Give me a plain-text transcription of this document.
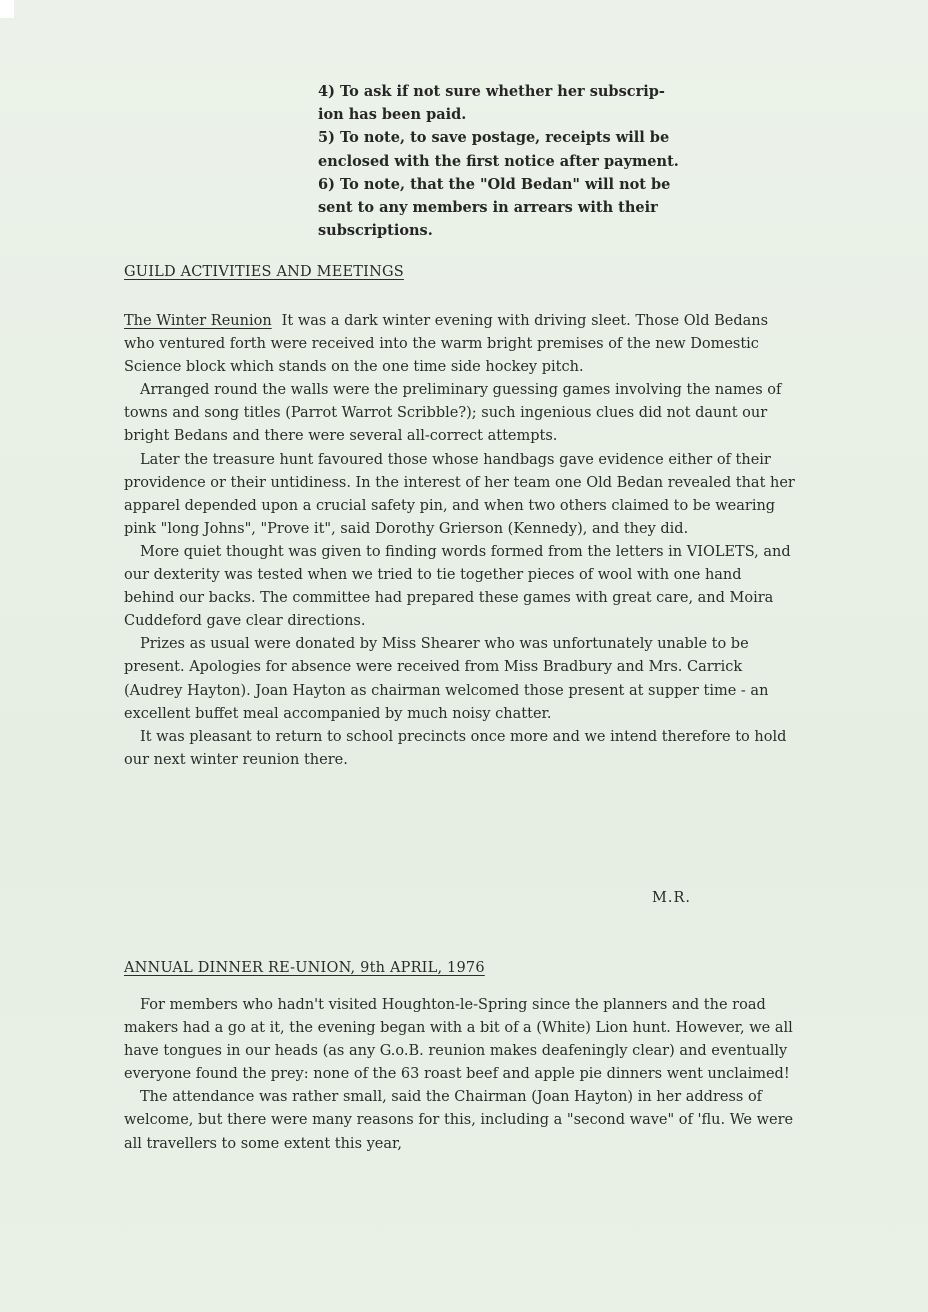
4) To ask if not sure whether her subscrip-

ion has been paid.

5) To note, to save postage, receipts will be

enclosed with the first notice after payment.

6) To note, that the "Old Bedan" will not be

sent to any members in arrears with their

subscriptions.

GUILD ACTIVITIES AND MEETINGS

The Winter Reunion It was a dark winter evening with driving sleet. Those Old Bedans who ventured forth were received into the warm bright premises of the new Domestic Science block which stands on the one time side hockey pitch.

Arranged round the walls were the preliminary guessing games involving the names of towns and song titles (Parrot Warrot Scribble?); such ingenious clues did not daunt our bright Bedans and there were several all-correct attempts.

Later the treasure hunt favoured those whose handbags gave evidence either of their providence or their untidiness. In the interest of her team one Old Bedan revealed that her apparel depended upon a crucial safety pin, and when two others claimed to be wearing pink "long Johns", "Prove it", said Dorothy Grierson (Kennedy), and they did.

More quiet thought was given to finding words formed from the letters in VIOLETS, and our dexterity was tested when we tried to tie together pieces of wool with one hand behind our backs. The committee had prepared these games with great care, and Moira Cuddeford gave clear directions.

Prizes as usual were donated by Miss Shearer who was unfortunately unable to be present. Apologies for absence were received from Miss Bradbury and Mrs. Carrick (Audrey Hayton). Joan Hayton as chairman welcomed those present at supper time - an excellent buffet meal accompanied by much noisy chatter.

It was pleasant to return to school precincts once more and we intend therefore to hold our next winter reunion there.

M.R.
ANNUAL DINNER RE-UNION, 9th APRIL, 1976

For members who hadn't visited Houghton-le-Spring since the planners and the road makers had a go at it, the evening began with a bit of a (White) Lion hunt. However, we all have tongues in our heads (as any G.o.B. reunion makes deafeningly clear) and eventually everyone found the prey: none of the 63 roast beef and apple pie dinners went unclaimed!

The attendance was rather small, said the Chairman (Joan Hayton) in her address of welcome, but there were many reasons for this, including a "second wave" of 'flu. We were all travellers to some extent this year,
